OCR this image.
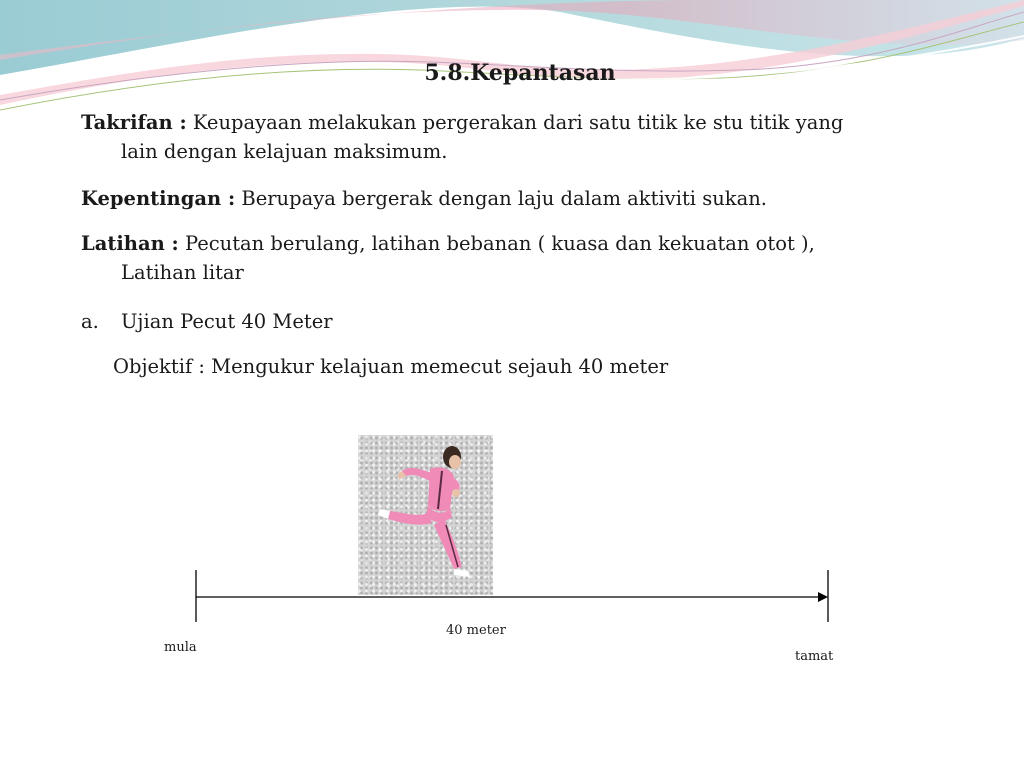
5.8.Kepantasan

Takrifan : Keupayaan melakukan pergerakan dari satu titik ke stu titik yang
lain dengan kelajuan maksimum.

Kepentingan : Berupaya bergerak dengan laju dalam aktiviti sukan.

Latihan : Pecutan berulang, latihan bebanan ( kuasa dan kekuatan otot ),
Latihan litar

a. Ujian Pecut 40 Meter

Objektif : Mengukur kelajuan memecut sejauh 40 meter

40 meter

mula

tamat
